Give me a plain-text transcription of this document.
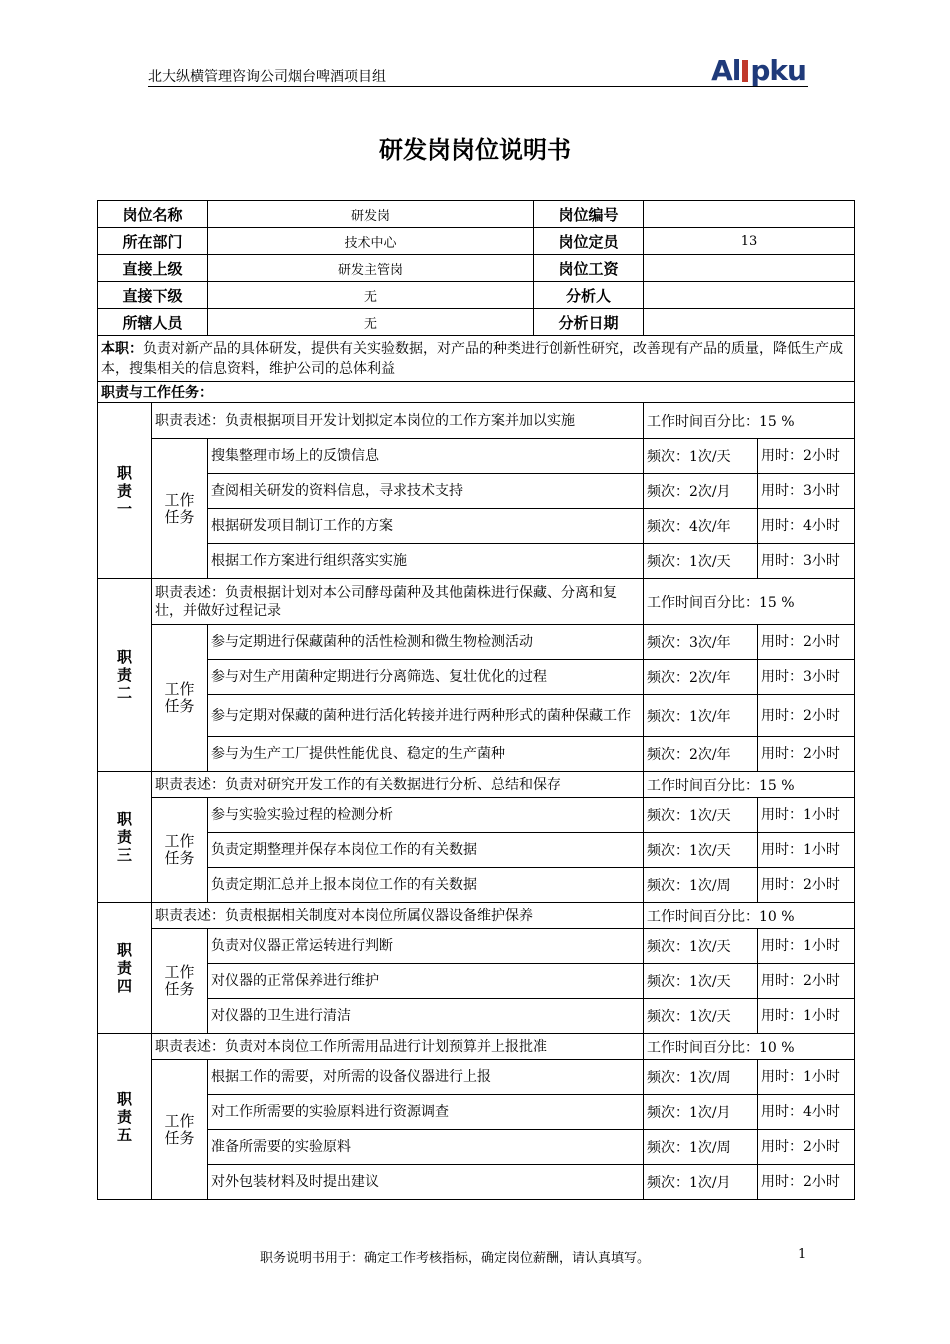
北大纵横管理咨询公司烟台啤酒项目组	Al pku
研发岗岗位说明书
岗位名称		研发岗	岗位编号		
所在部门		技术中心	岗位定员	13	
直接上级		研发主管岗	岗位工资		
直接下级		无	分析人		
所辖人员		无	分析日期		
本职：负责对新产品的具体研发，提供有关实验数据，对产品的种类进行创新性研究，改善现有产品的质量，降低生产成本，搜集相关的信息资料，维护公司的总体利益					
职责与工作任务：					
职责一	职责表述：负责根据项目开发计划拟定本岗位的工作方案并加以实施			工作时间百分比：15 %	
	工作任务	搜集整理市场上的反馈信息		频次：1次/天	用时：2小时
		查阅相关研发的资料信息，寻求技术支持		频次：2次/月	用时：3小时
		根据研发项目制订工作的方案		频次：4次/年	用时：4小时
		根据工作方案进行组织落实实施		频次：1次/天	用时：3小时
职责二	职责表述：负责根据计划对本公司酵母菌种及其他菌株进行保藏、分离和复壮，并做好过程记录			工作时间百分比：15 %	
	工作任务	参与定期进行保藏菌种的活性检测和微生物检测活动		频次：3次/年	用时：2小时
		参与对生产用菌种定期进行分离筛选、复壮优化的过程		频次：2次/年	用时：3小时
		参与定期对保藏的菌种进行活化转接并进行两种形式的菌种保藏工作		频次：1次/年	用时：2小时
		参与为生产工厂提供性能优良、稳定的生产菌种		频次：2次/年	用时：2小时
职责三	职责表述：负责对研究开发工作的有关数据进行分析、总结和保存			工作时间百分比：15 %	
	工作任务	参与实验实验过程的检测分析		频次：1次/天	用时：1小时
		负责定期整理并保存本岗位工作的有关数据		频次：1次/天	用时：1小时
		负责定期汇总并上报本岗位工作的有关数据		频次：1次/周	用时：2小时
职责四	职责表述：负责根据相关制度对本岗位所属仪器设备维护保养			工作时间百分比：10 %	
	工作任务	负责对仪器正常运转进行判断		频次：1次/天	用时：1小时
		对仪器的正常保养进行维护		频次：1次/天	用时：2小时
		对仪器的卫生进行清洁		频次：1次/天	用时：1小时
职责五	职责表述：负责对本岗位工作所需用品进行计划预算并上报批准			工作时间百分比：10 %	
	工作任务	根据工作的需要，对所需的设备仪器进行上报		频次：1次/周	用时：1小时
		对工作所需要的实验原料进行资源调查		频次：1次/月	用时：4小时
		准备所需要的实验原料		频次：1次/周	用时：2小时
		对外包装材料及时提出建议		频次：1次/月	用时：2小时
职务说明书用于：确定工作考核指标，确定岗位薪酬，请认真填写。	1
